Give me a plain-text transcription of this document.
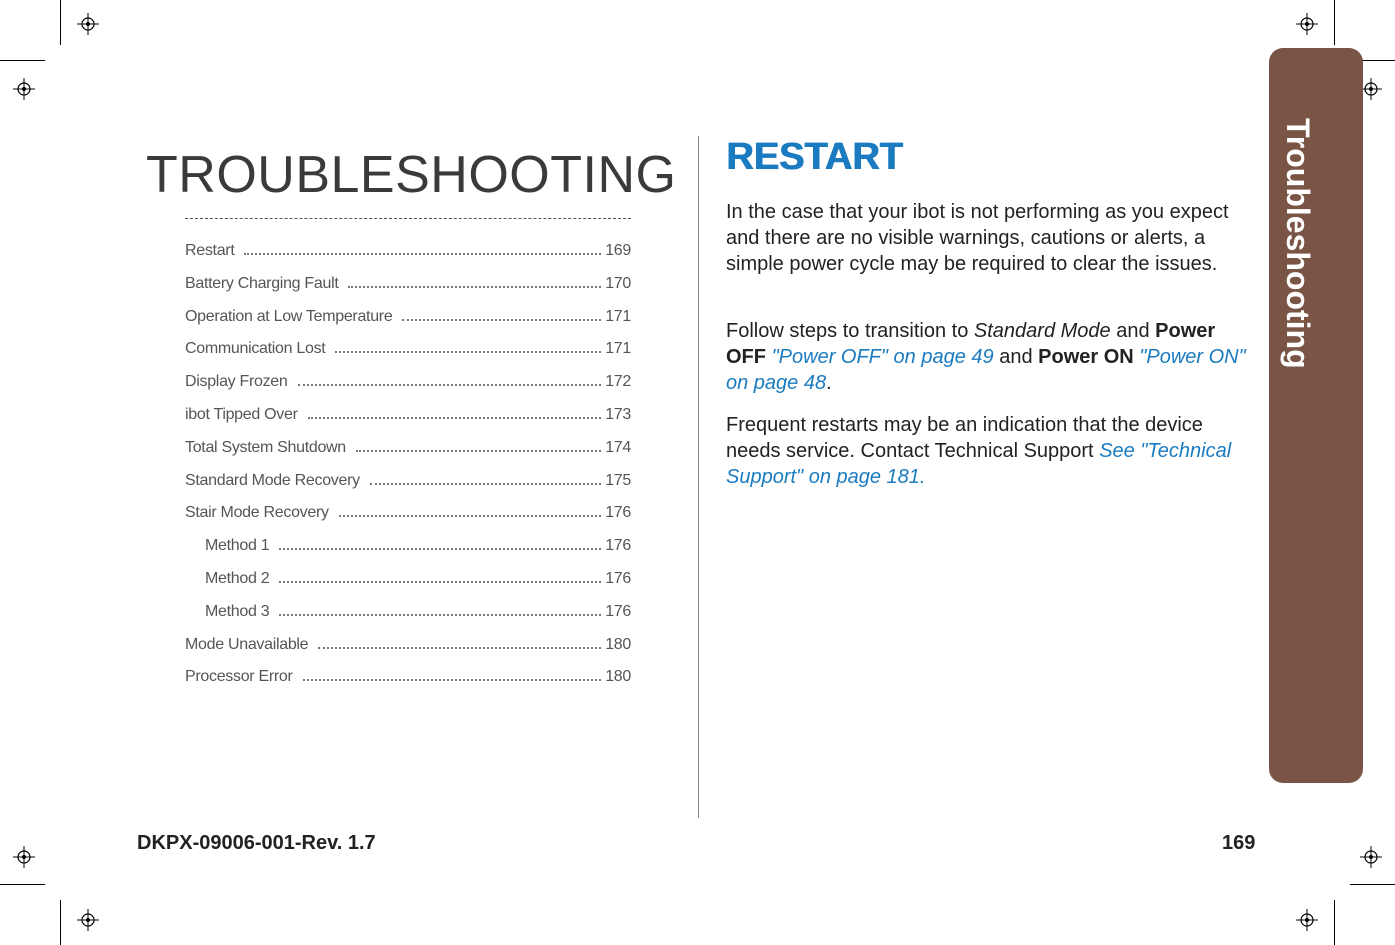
Troubleshooting
TROUBLESHOOTING
Restart	169
Battery Charging Fault	170
Operation at Low Temperature	171
Communication Lost	171
Display Frozen	172
ibot Tipped Over	173
Total System Shutdown	174
Standard Mode Recovery	175
Stair Mode Recovery	176
Method 1	176
Method 2	176
Method 3	176
Mode Unavailable	180
Processor Error	180
RESTART

In the case that your ibot is not performing as you expect and there are no visible warnings, cautions or alerts, a simple power cycle may be required to clear the issues.

Follow steps to transition to Standard Mode and Power OFF "Power OFF" on page 49 and Power ON "Power ON" on page 48.

Frequent restarts may be an indication that the device needs service. Contact Technical Support See "Technical Support" on page 181.

DKPX-09006-001-Rev. 1.7	169
